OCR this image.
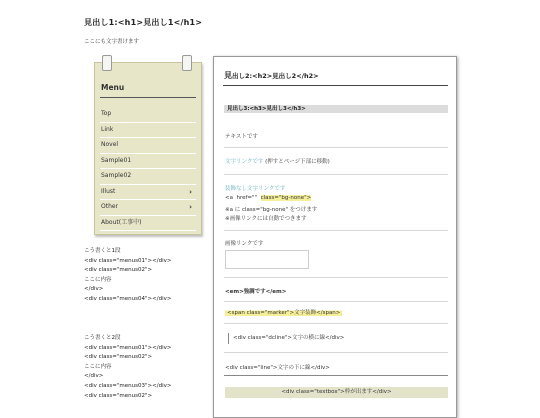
見出し1:<h1>見出し1</h1>
ここにも文字書けます
Menu
Top
Link
Novel
Sample01
Sample02
Illust	›
Other	›
About(工事中)
こう書くと1段
<div class="menus01"></div>
<div class="menus02">
ここに内容
</div>
<div class="menus04"></div>
こう書くと2段
<div class="menus01"></div>
<div class="menus02">
ここに内容
</div>
<div class="menus03"></div>
<div class="menus02">
見出し2:<h2>見出し2</h2>
見出し3:<h3>見出し3</h3>
テキストです
文字リンクです (押すとページ下部に移動)
装飾なし文字リンクです
<a  href=""  class="bg-none">
※a に class="bg-none" をつけます
※画像リンクには自動でつきます
画像リンクです
<em>強調です</em>
<span class="marker">文字装飾</span>
<div class="dcline">文字の横に線</div>
<div class="line">文字の下に線</div>
<div class="textbox">枠が出ます</div>
